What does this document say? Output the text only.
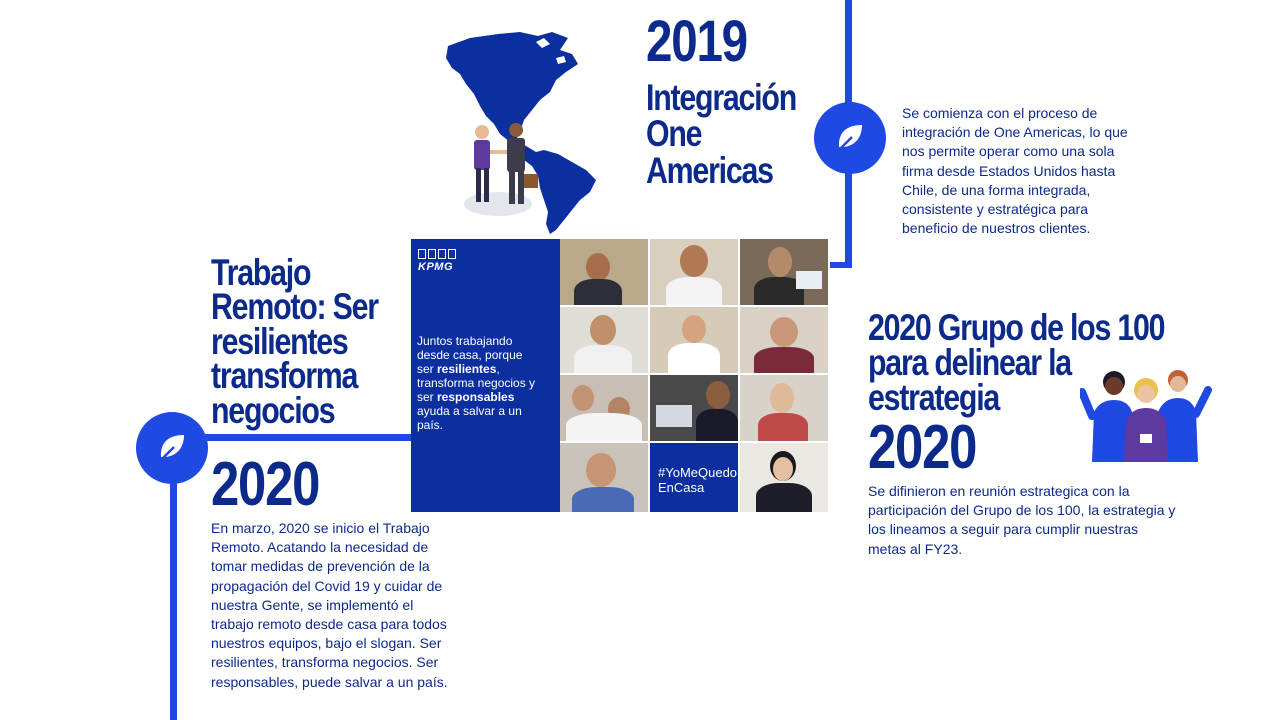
2019
Integración
One
Americas
Se comienza con el proceso de
integración de One Americas, lo que
nos permite operar como una sola
firma desde Estados Unidos hasta
Chile, de una forma integrada,
consistente y estratégica para
beneficio de nuestros clientes.
Trabajo
Remoto: Ser
resilientes
transforma
negocios
2020
En marzo, 2020 se inicio el Trabajo
Remoto. Acatando la necesidad de
tomar medidas de prevención de la
propagación del Covid 19 y cuidar de
nuestra Gente, se implementó el
trabajo remoto desde casa para todos
nuestros equipos, bajo el slogan. Ser
resilientes, transforma negocios. Ser
responsables, puede salvar a un país.
KPMG
Juntos trabajando desde casa, porque ser resilientes, transforma negocios y ser responsables ayuda a salvar a un país.
#YoMeQuedo
EnCasa
2020 Grupo de los 100
para delinear la
estrategia
2020
Se difinieron en reunión estrategica con la
participación del Grupo de los 100, la estrategia y
los lineamos a seguir para cumplir nuestras
metas al FY23.
